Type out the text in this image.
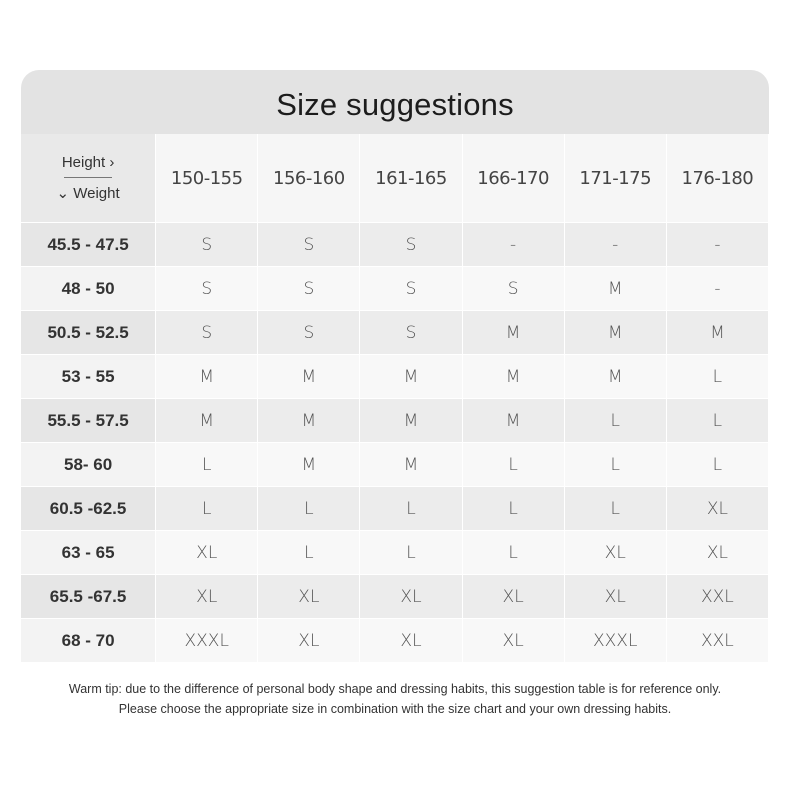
Size suggestions
Height ›
⌄ Weight	150-155	156-160	161-165	166-170	171-175	176-180
45.5 - 47.5	S	S	S	-	-	-
48 - 50	S	S	S	S	M	-
50.5 - 52.5	S	S	S	M	M	M
53 - 55	M	M	M	M	M	L
55.5 - 57.5	M	M	M	M	L	L
58- 60	L	M	M	L	L	L
60.5 -62.5	L	L	L	L	L	XL
63 - 65	XL	L	L	L	XL	XL
65.5 -67.5	XL	XL	XL	XL	XL	XXL
68 - 70	XXXL	XL	XL	XL	XXXL	XXL
Warm tip: due to the difference of personal body shape and dressing habits, this suggestion table is for reference only.
Please choose the appropriate size in combination with the size chart and your own dressing habits.
